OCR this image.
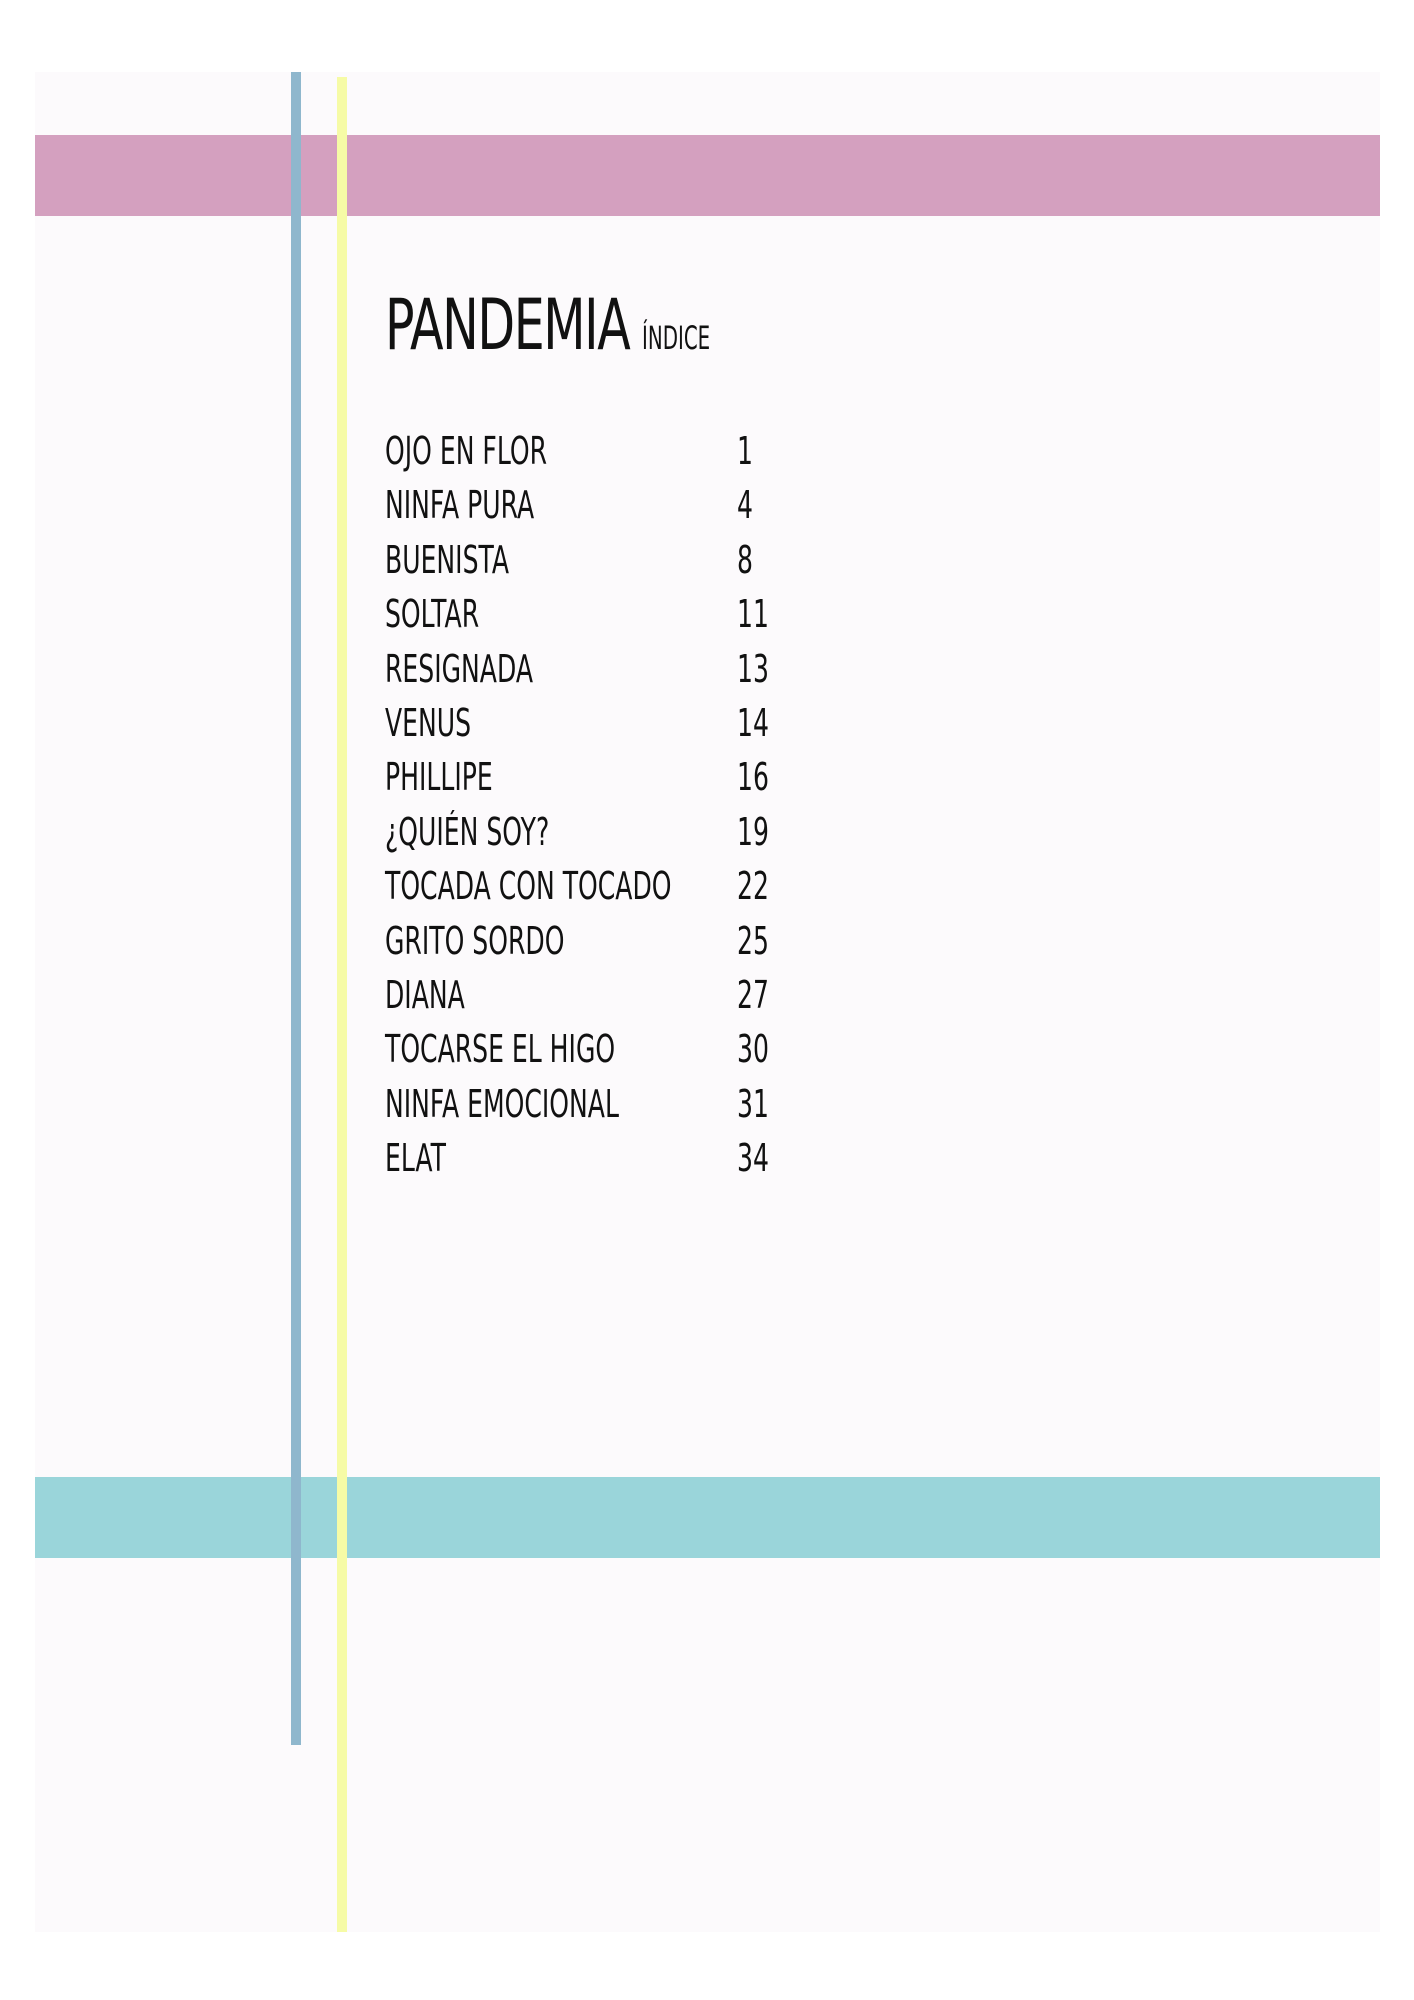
PANDEMIA ÍNDICE
OJO EN FLOR	1
NINFA PURA	4
BUENISTA	8
SOLTAR	11
RESIGNADA	13
VENUS	14
PHILLIPE	16
¿QUIÉN SOY?	19
TOCADA CON TOCADO 22
GRITO SORDO	25
DIANA	27
TOCARSE EL HIGO	30
NINFA EMOCIONAL	31
ELAT	34
